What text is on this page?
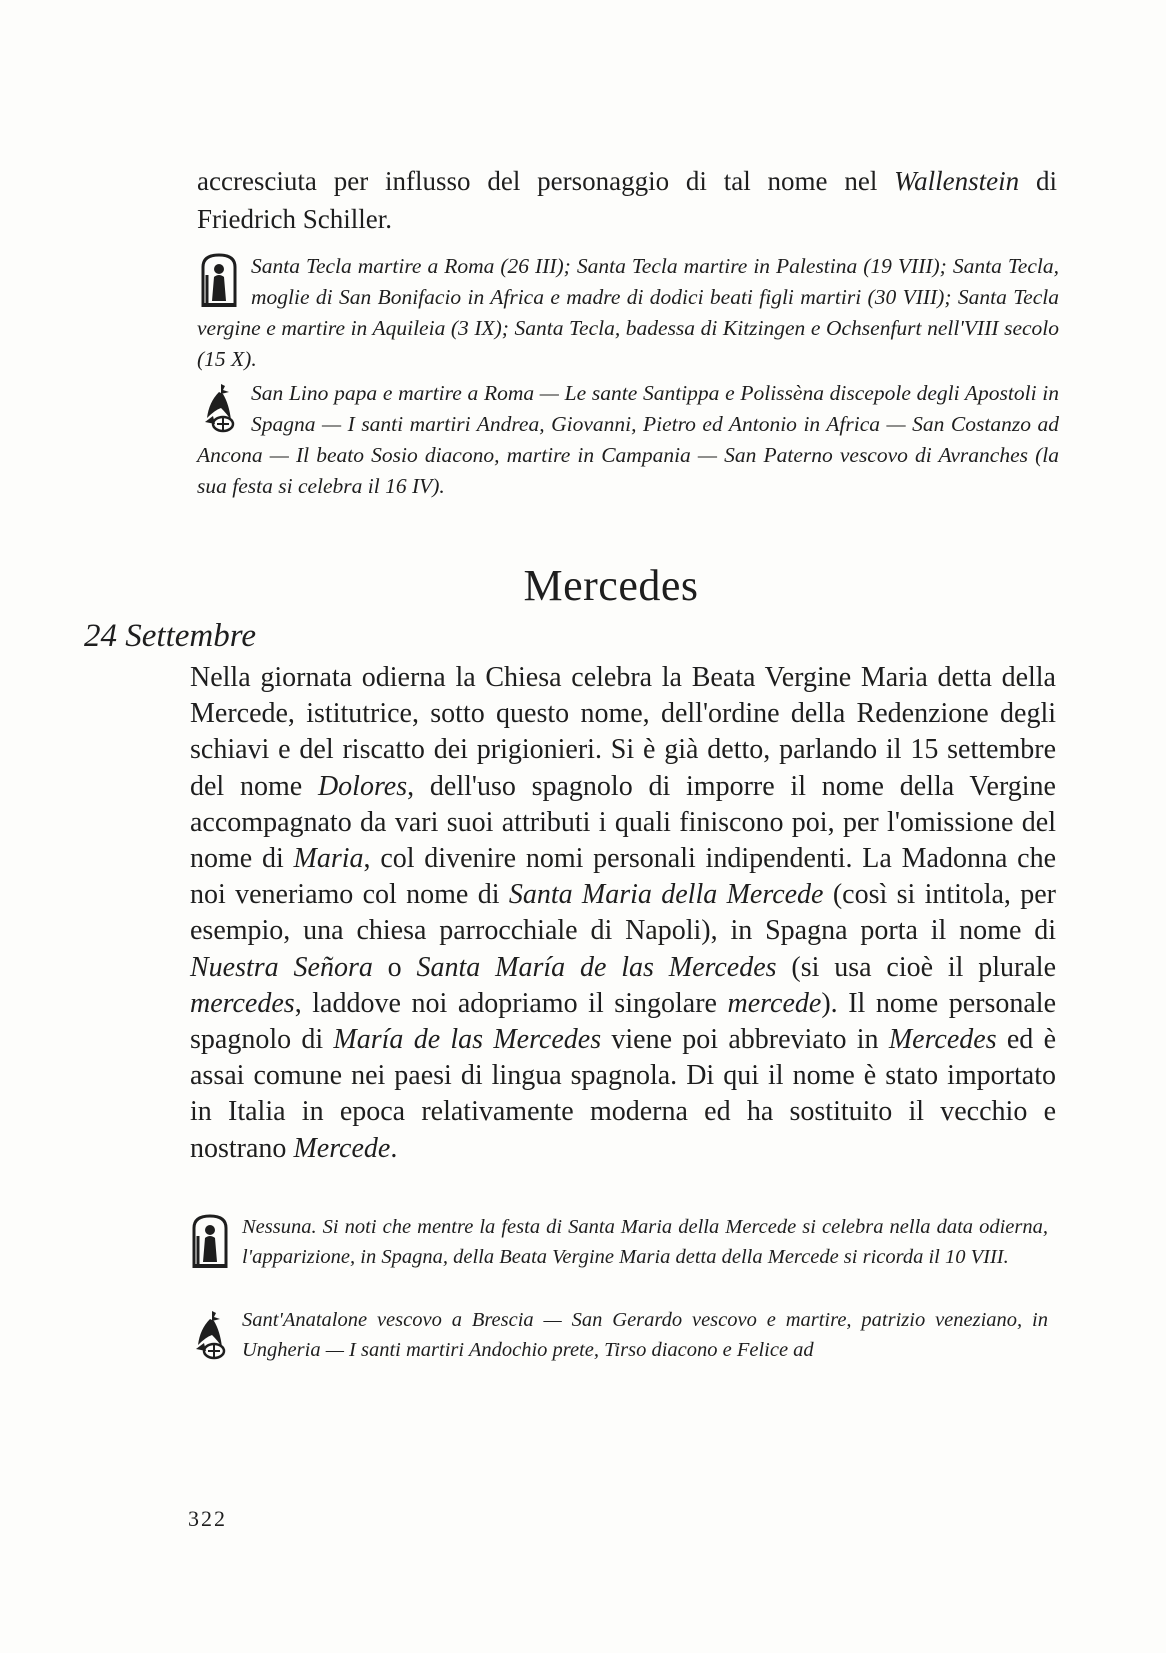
accresciuta per influsso del personaggio di tal nome nel Wallenstein di Friedrich Schiller.

Santa Tecla martire a Roma (26 III); Santa Tecla martire in Palestina (19 VIII); Santa Tecla, moglie di San Bonifacio in Africa e madre di dodici beati figli martiri (30 VIII); Santa Tecla vergine e martire in Aquileia (3 IX); Santa Tecla, badessa di Kitzingen e Ochsenfurt nell'VIII secolo (15 X).

San Lino papa e martire a Roma — Le sante Santippa e Polissèna discepole degli Apostoli in Spagna — I santi martiri Andrea, Giovanni, Pietro ed Antonio in Africa — San Costanzo ad Ancona — Il beato Sosio diacono, martire in Campania — San Paterno vescovo di Avranches (la sua festa si celebra il 16 IV).

Mercedes

24 Settembre

Nella giornata odierna la Chiesa celebra la Beata Vergine Maria detta della Mercede, istitutrice, sotto questo nome, dell'ordine della Redenzione degli schiavi e del riscatto dei prigionieri. Si è già detto, parlando il 15 settembre del nome Dolores, dell'uso spagnolo di imporre il nome della Vergine accompagnato da vari suoi attributi i quali finiscono poi, per l'omissione del nome di Maria, col divenire nomi personali indipendenti. La Madonna che noi veneriamo col nome di Santa Maria della Mercede (così si intitola, per esempio, una chiesa parrocchiale di Napoli), in Spagna porta il nome di Nuestra Señora o Santa María de las Mercedes (si usa cioè il plurale mercedes, laddove noi adopriamo il singolare mercede). Il nome personale spagnolo di María de las Mercedes viene poi abbreviato in Mercedes ed è assai comune nei paesi di lingua spagnola. Di qui il nome è stato importato in Italia in epoca relativamente moderna ed ha sostituito il vecchio e nostrano Mercede.

Nessuna. Si noti che mentre la festa di Santa Maria della Mercede si celebra nella data odierna, l'apparizione, in Spagna, della Beata Vergine Maria detta della Mercede si ricorda il 10 VIII.

Sant'Anatalone vescovo a Brescia — San Gerardo vescovo e martire, patrizio veneziano, in Ungheria — I santi martiri Andochio prete, Tirso diacono e Felice ad

322
